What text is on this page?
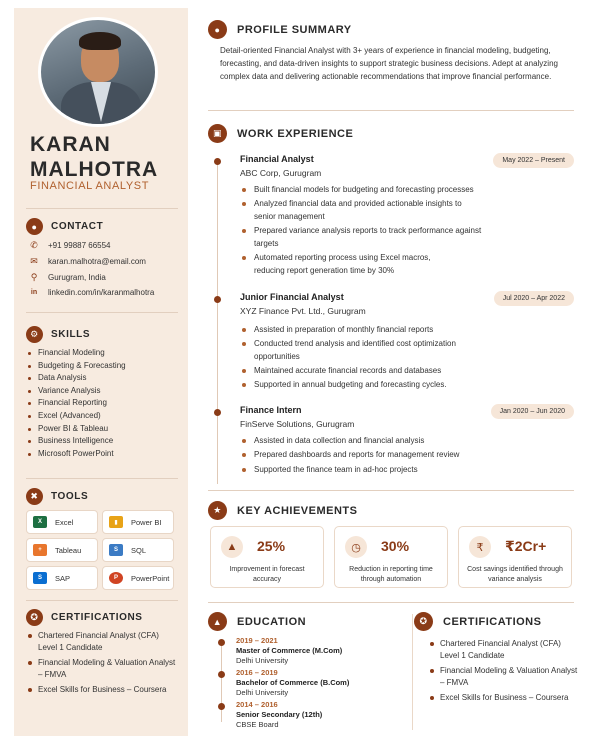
KARAN
MALHOTRA
FINANCIAL ANALYST
●	CONTACT
✆ +91 99887 66554
✉ karan.malhotra@email.com
⚲	Gurugram, India
in	linkedin.com/in/karanmalhotra
⚙	SKILLS
Financial Modeling
Budgeting & Forecasting
Data Analysis
Variance Analysis
Financial Reporting
Excel (Advanced)
Power BI & Tableau
Business Intelligence
Microsoft PowerPoint
✖	TOOLS
X	Excel	▮	Power BI
+	Tableau	S	SQL
S	SAP	P	PowerPoint
✪	CERTIFICATIONS
Chartered Financial Analyst (CFA) Level 1 Candidate
Financial Modeling & Valuation Analyst – FMVA
Excel Skills for Business – Coursera
●	PROFILE SUMMARY
Detail-oriented Financial Analyst with 3+ years of experience in financial modeling, budgeting, forecasting, and data-driven insights to support strategic business decisions. Adept at analyzing complex data and delivering actionable recommendations that improve financial performance.
▣	WORK EXPERIENCE
Financial Analyst
ABC Corp, Gurugram
May 2022 – Present
Built financial models for budgeting and forecasting processes
Analyzed financial data and provided actionable insights to senior management
Prepared variance analysis reports to track performance against targets
Automated reporting process using Excel macros, reducing report generation time by 30%
Junior Financial Analyst
XYZ Finance Pvt. Ltd., Gurugram
Jul 2020 – Apr 2022
Assisted in preparation of monthly financial reports
Conducted trend analysis and identified cost optimization opportunities
Maintained accurate financial records and databases
Supported in annual budgeting and forecasting cycles.
Finance Intern
FinServe Solutions, Gurugram
Jan 2020 – Jun 2020
Assisted in data collection and financial analysis
Prepared dashboards and reports for management review
Supported the finance team in ad-hoc projects
★	KEY ACHIEVEMENTS
▲	25%
Improvement in forecast accuracy
◷	30%
Reduction in reporting time through automation
₹	₹2Cr+
Cost savings identified through variance analysis
▲	EDUCATION
2019 – 2021
Master of Commerce (M.Com)
Delhi University
2016 – 2019
Bachelor of Commerce (B.Com)
Delhi University
2014 – 2016
Senior Secondary (12th)
CBSE Board
✪	CERTIFICATIONS
Chartered Financial Analyst (CFA) Level 1 Candidate
Financial Modeling & Valuation Analyst – FMVA
Excel Skills for Business – Coursera
